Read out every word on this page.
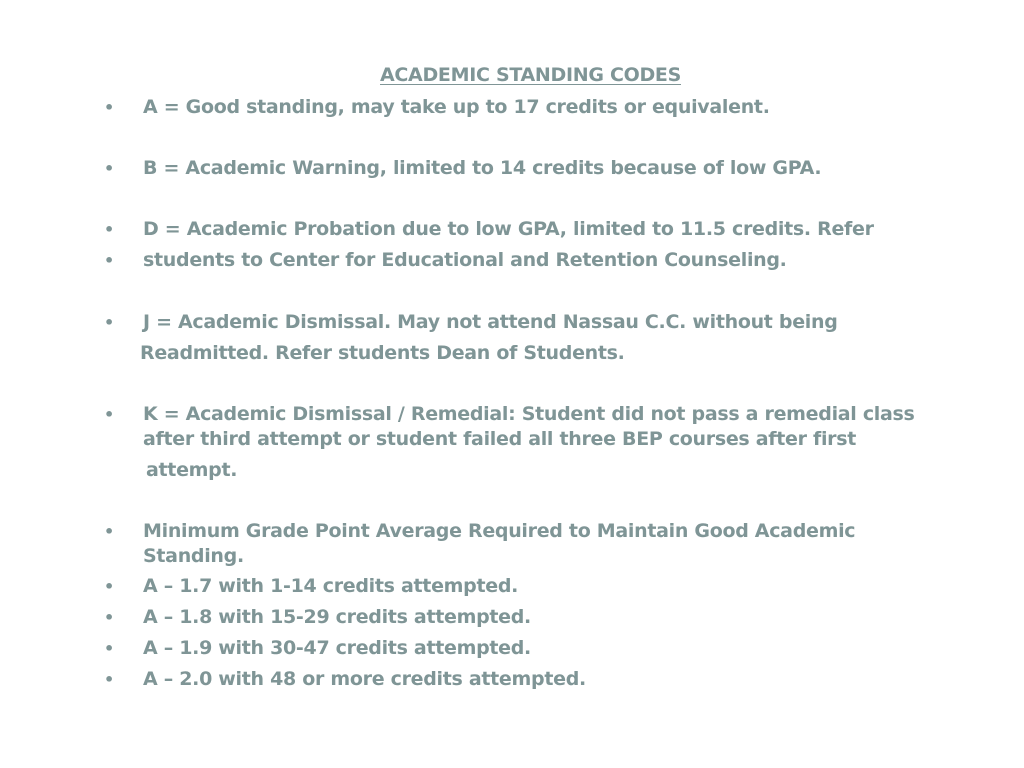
ACADEMIC STANDING CODES
• A = Good standing, may take up to 17 credits or equivalent.
• B = Academic Warning, limited to 14 credits because of low GPA.
• D = Academic Probation due to low GPA, limited to 11.5 credits. Refer
• students to Center for Educational and Retention Counseling.
• J = Academic Dismissal. May not attend Nassau C.C. without being
Readmitted. Refer students Dean of Students.
• K = Academic Dismissal / Remedial: Student did not pass a remedial class
after third attempt or student failed all three BEP courses after first
attempt.
• Minimum Grade Point Average Required to Maintain Good Academic
Standing.
• A – 1.7 with 1-14 credits attempted.
• A – 1.8 with 15-29 credits attempted.
• A – 1.9 with 30-47 credits attempted.
• A – 2.0 with 48 or more credits attempted.
